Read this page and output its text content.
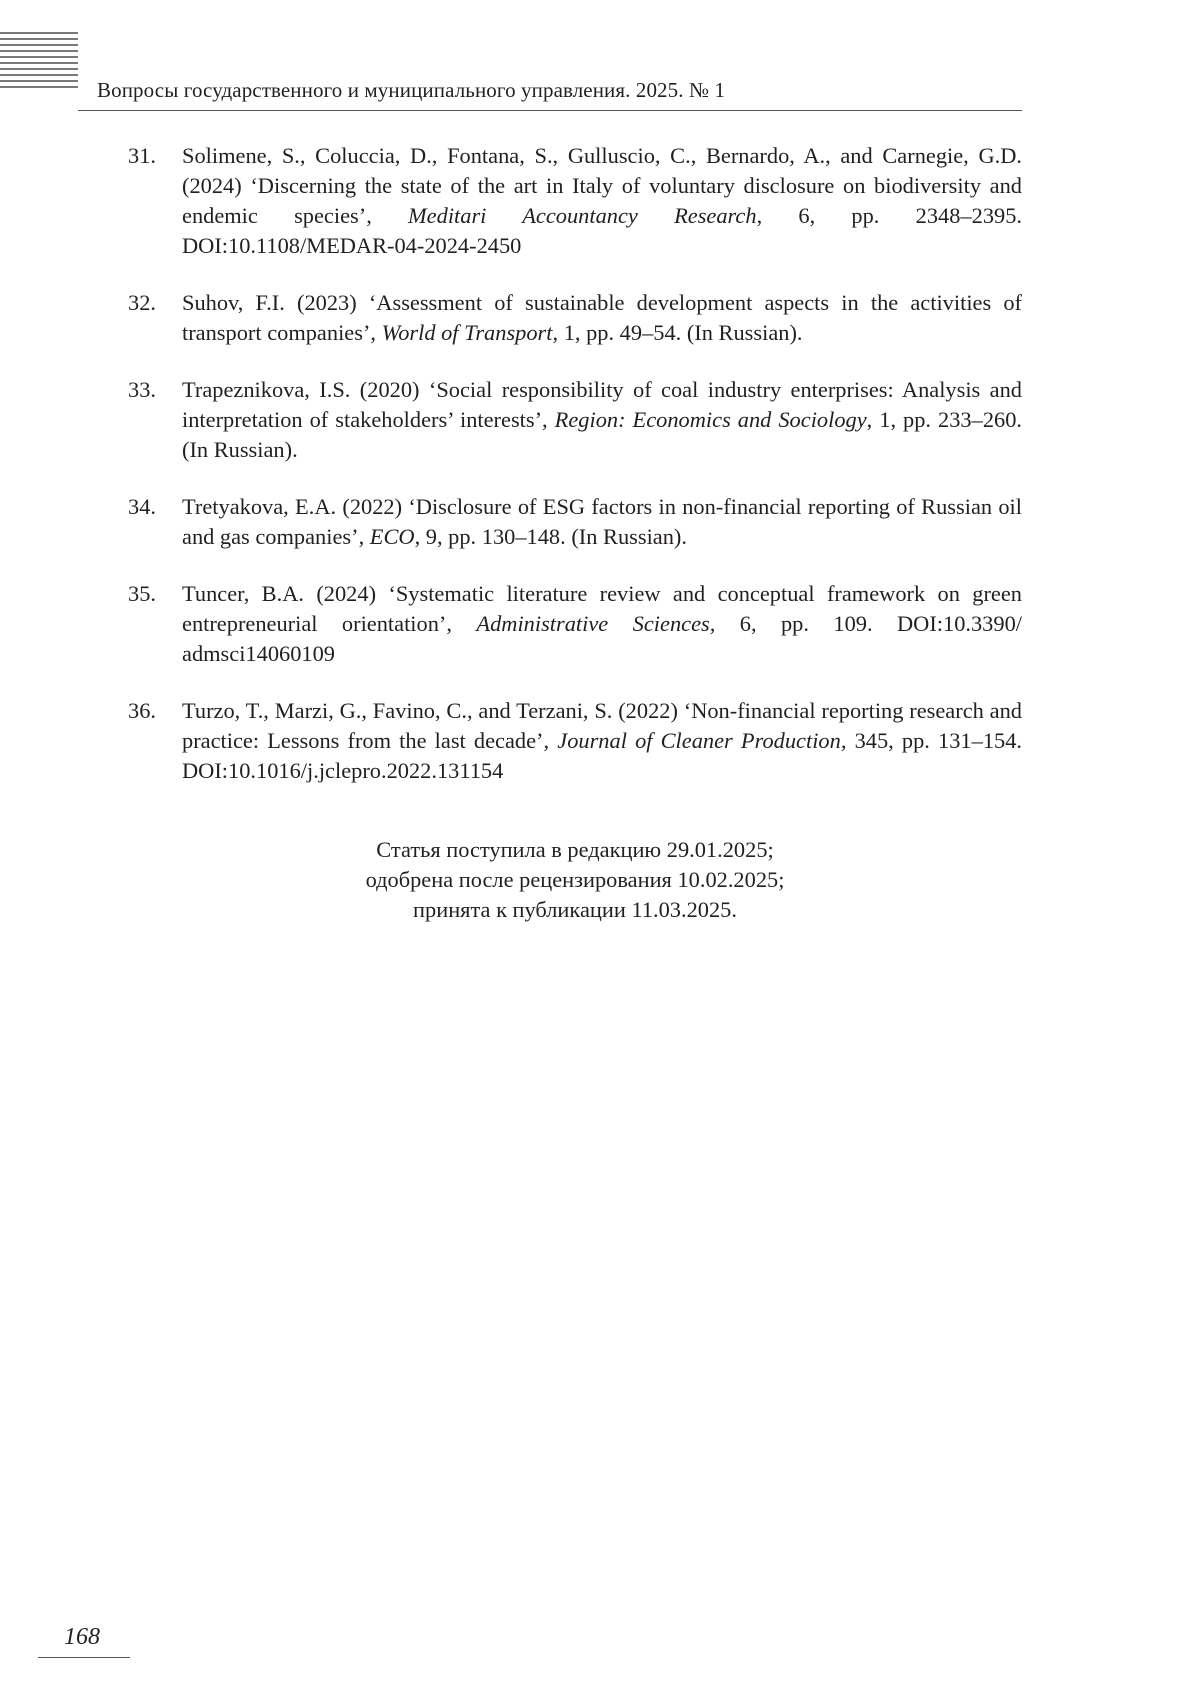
Вопросы государственного и муниципального управления. 2025. № 1
31.	Solimene, S., Coluccia, D., Fontana, S., Gulluscio, C., Bernardo, A., and Carnegie, G.D. (2024) ‘Discerning the state of the art in Italy of voluntary disclosure on biodiversity and endemic species’, Meditari Accountancy Research, 6, pp. 2348–2395. DOI:10.1108/MEDAR-04-2024-2450
32.	Suhov, F.I. (2023) ‘Assessment of sustainable development aspects in the activities of transport companies’, World of Transport, 1, pp. 49–54. (In Russian).
33.	Trapeznikova, I.S. (2020) ‘Social responsibility of coal industry enterprises: Analysis and interpretation of stakeholders’ interests’, Region: Economics and Sociology, 1, pp. 233–260. (In Russian).
34.	Tretyakova, E.A. (2022) ‘Disclosure of ESG factors in non-financial reporting of Russian oil and gas companies’, ECO, 9, pp. 130–148. (In Russian).
35.	Tuncer, B.A. (2024) ‘Systematic literature review and conceptual framework on green entrepreneurial orientation’, Administrative Sciences, 6, pp. 109. DOI:10.3390/ admsci14060109
36.	Turzo, T., Marzi, G., Favino, C., and Terzani, S. (2022) ‘Non-financial reporting research and practice: Lessons from the last decade’, Journal of Cleaner Production, 345, pp. 131–154. DOI:10.1016/j.jclepro.2022.131154
Статья поступила в редакцию 29.01.2025;
одобрена после рецензирования 10.02.2025;
принята к публикации 11.03.2025.
168
